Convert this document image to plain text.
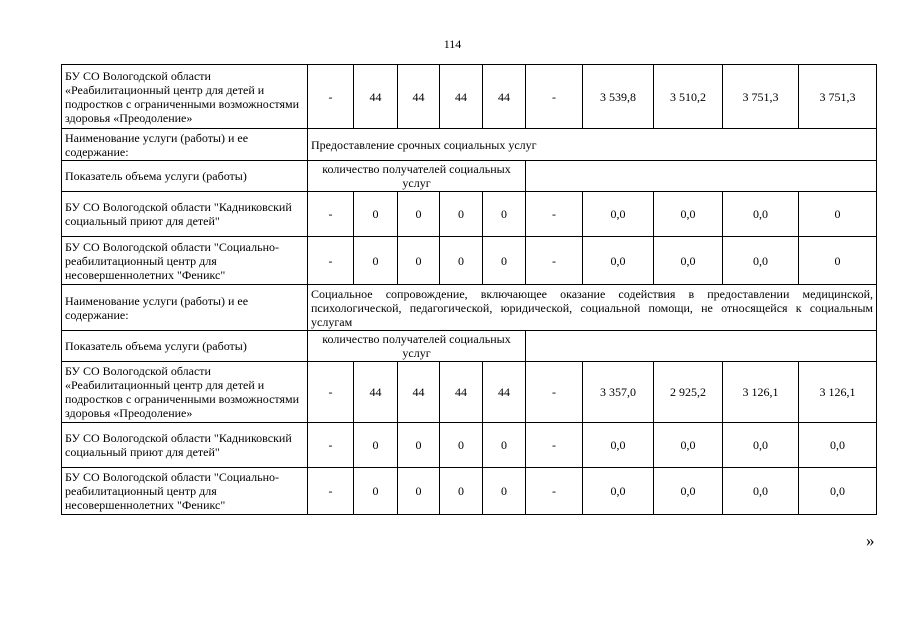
114
БУ СО Вологодской области «Реабилитационный центр для детей и подростков с ограниченными возможностями здоровья «Преодоление»	-	44	44	44	44	-	3 539,8	3 510,2	3 751,3	3 751,3
Наименование услуги (работы) и ее содержание:	Предоставление срочных социальных услуг									
Показатель объема услуги (работы)	количество получателей социальных услуг									
БУ СО Вологодской области "Кадниковский социальный приют для детей"	-	0	0	0	0	-	0,0	0,0	0,0	0
БУ СО Вологодской области "Социально-реабилитационный центр для несовершеннолетних "Феникс"	-	0	0	0	0	-	0,0	0,0	0,0	0
Наименование услуги (работы) и ее содержание:	Социальное сопровождение, включающее оказание содействия в предоставлении медицинской, психологической, педагогической, юридической, социальной помощи, не относящейся к социальным услугам									
Показатель объема услуги (работы)	количество получателей социальных услуг									
БУ СО Вологодской области «Реабилитационный центр для детей и подростков с ограниченными возможностями здоровья «Преодоление»	-	44	44	44	44	-	3 357,0	2 925,2	3 126,1	3 126,1
БУ СО Вологодской области "Кадниковский социальный приют для детей"	-	0	0	0	0	-	0,0	0,0	0,0	0,0
БУ СО Вологодской области "Социально-реабилитационный центр для несовершеннолетних "Феникс"	-	0	0	0	0	-	0,0	0,0	0,0	0,0
»
